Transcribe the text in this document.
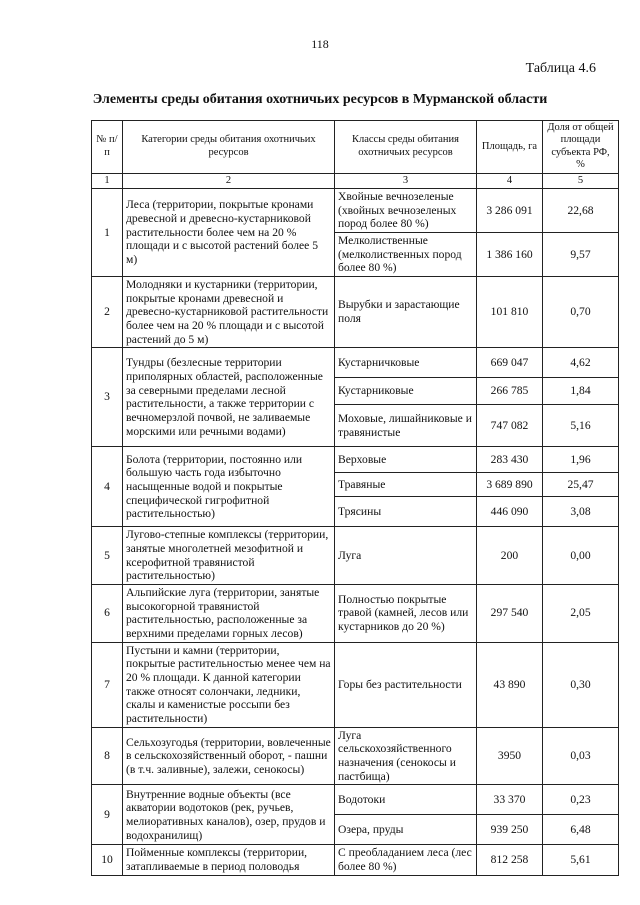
118
Таблица 4.6
Элементы среды обитания охотничьих ресурсов в Мурманской области
№ п/п	Категории среды обитания охотничьих ресурсов	Классы среды обитания охотничьих ресурсов	Площадь, га	Доля от общей площади субъекта РФ, %
1	2	3	4	5
1	Леса (территории, покрытые кронами древесной и древесно-кустарниковой растительности более чем на 20 % площади и с высотой растений более 5 м)	Хвойные вечнозеленые (хвойных вечнозеленых пород более 80 %)	3 286 091	22,68
		Мелколиственные (мелколиственных пород более 80 %)	1 386 160	9,57
2	Молодняки и кустарники (территории, покрытые кронами древесной и древесно-кустарниковой растительности более чем на 20 % площади и с высотой растений до 5 м)	Вырубки и зарастающие поля	101 810	0,70
3	Тундры (безлесные территории приполярных областей, расположенные за северными пределами лесной растительности, а также территории с вечномерзлой почвой, не заливаемые морскими или речными водами)	Кустарничковые	669 047	4,62
		Кустарниковые	266 785	1,84
		Моховые, лишайниковые и травянистые	747 082	5,16
4	Болота (территории, постоянно или большую часть года избыточно насыщенные водой и покрытые специфической гигрофитной растительностью)	Верховые	283 430	1,96
		Травяные	3 689 890	25,47
		Трясины	446 090	3,08
5	Лугово-степные комплексы (территории, занятые многолетней мезофитной и ксерофитной травянистой растительностью)	Луга	200	0,00
6	Альпийские луга (территории, занятые высокогорной травянистой растительностью, расположенные за верхними пределами горных лесов)	Полностью покрытые травой (камней, лесов или кустарников до 20 %)	297 540	2,05
7	Пустыни и камни (территории, покрытые растительностью менее чем на 20 % площади. К данной категории также относят солончаки, ледники, скалы и каменистые россыпи без растительности)	Горы без растительности	43 890	0,30
8	Сельхозугодья (территории, вовлеченные в сельскохозяйственный оборот, - пашни (в т.ч. заливные), залежи, сенокосы)	Луга сельскохозяйственного назначения (сенокосы и пастбища)	3950	0,03
9	Внутренние водные объекты (все акватории водотоков (рек, ручьев, мелиоративных каналов), озер, прудов и водохранилищ)	Водотоки	33 370	0,23
		Озера, пруды	939 250	6,48
10	Пойменные комплексы (территории, затапливаемые в период половодья	С преобладанием леса (лес более 80 %)	812 258	5,61
